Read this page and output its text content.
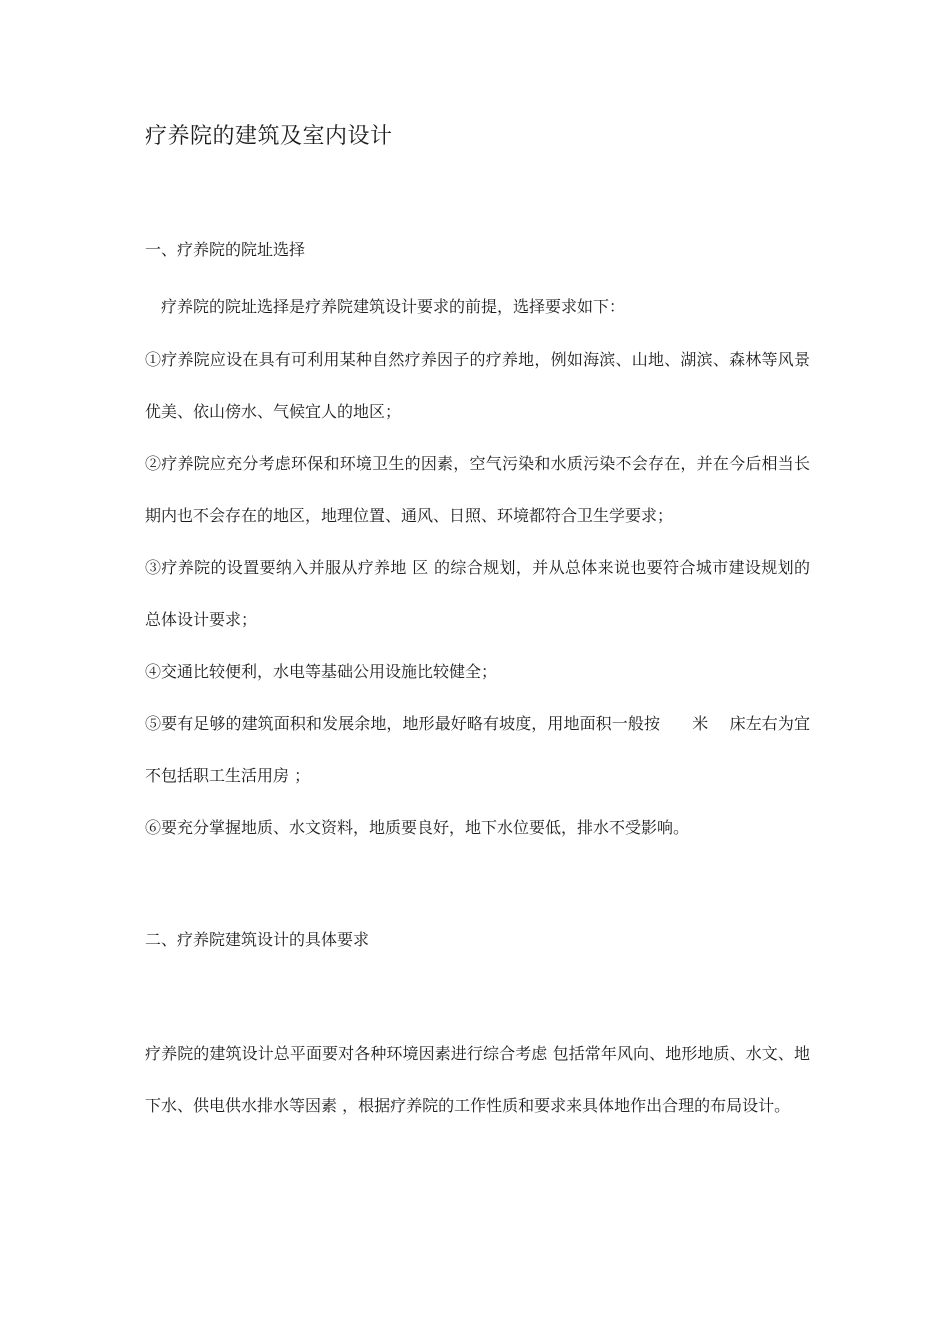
疗养院的建筑及室内设计
一、疗养院的院址选择
疗养院的院址选择是疗养院建筑设计要求的前提，选择要求如下：
①疗养院应设在具有可利用某种自然疗养因子的疗养地，例如海滨、山地、湖滨、森林等风景优美、依山傍水、气候宜人的地区；
②疗养院应充分考虑环保和环境卫生的因素，空气污染和水质污染不会存在，并在今后相当长期内也不会存在的地区，地理位置、通风、日照、环境都符合卫生学要求；
③疗养院的设置要纳入并服从疗养地 区 的综合规划，并从总体来说也要符合城市建设规划的总体设计要求；
④交通比较便利，水电等基础公用设施比较健全；
⑤要有足够的建筑面积和发展余地，地形最好略有坡度，用地面积一般按　　米　 床左右为宜 不包括职工生活用房 ；
⑥要充分掌握地质、水文资料，地质要良好，地下水位要低，排水不受影响。
二、疗养院建筑设计的具体要求
疗养院的建筑设计总平面要对各种环境因素进行综合考虑 包括常年风向、地形地质、水文、地下水、供电供水排水等因素 ，根据疗养院的工作性质和要求来具体地作出合理的布局设计。
